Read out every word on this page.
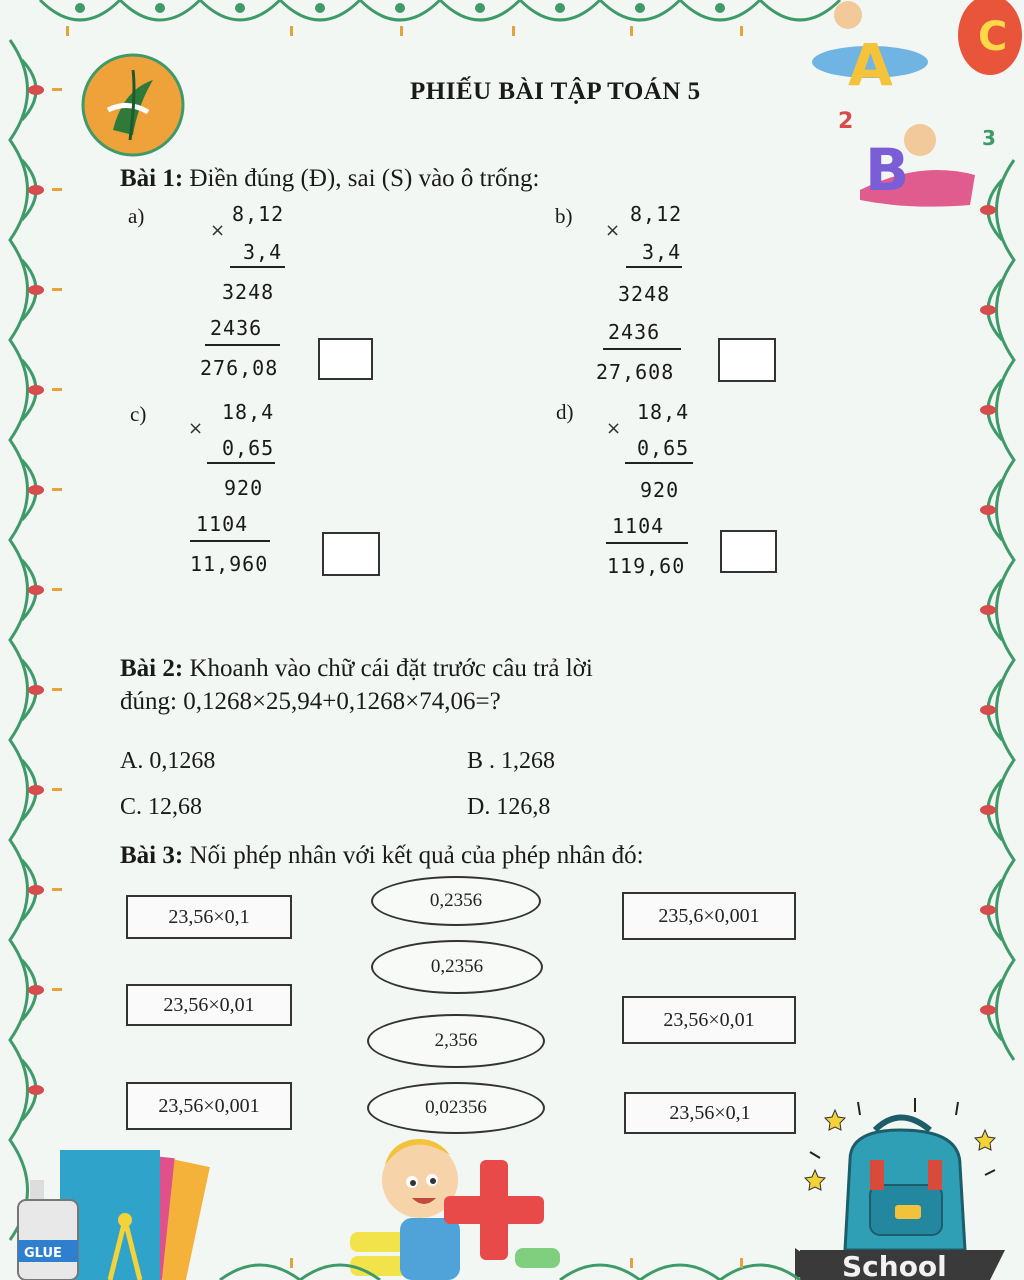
C
A
B
2
3
PHIẾU BÀI TẬP TOÁN 5
Bài 1: Điền đúng (Đ), sai (S) vào ô trống:
a)
×
8,12
3,4
3248
2436
276,08
b)
×
8,12
3,4
3248
2436
27,608
c)
×
18,4
0,65
920
1104
11,960
d)
×
18,4
0,65
920
1104
119,60
Bài 2: Khoanh vào chữ cái đặt trước câu trả lời
đúng: 0,1268×25,94+0,1268×74,06=?
A. 0,1268	B . 1,268
C. 12,68	D. 126,8
Bài 3: Nối phép nhân với kết quả của phép nhân đó:
23,56×0,1
23,56×0,01
23,56×0,001
0,2356
0,2356
2,356
0,02356
235,6×0,001
23,56×0,01
23,56×0,1
GLUE	School
